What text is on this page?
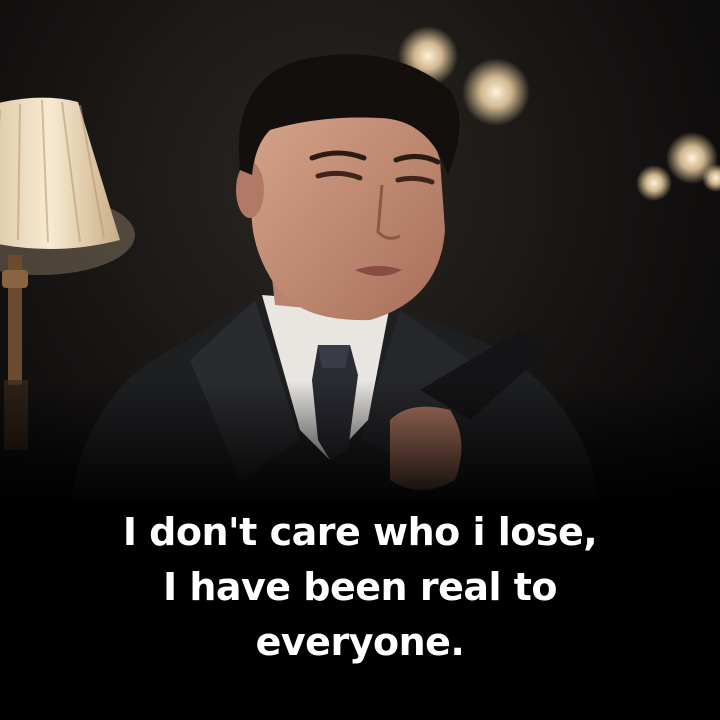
I don't care who i lose,
I have been real to
everyone.
